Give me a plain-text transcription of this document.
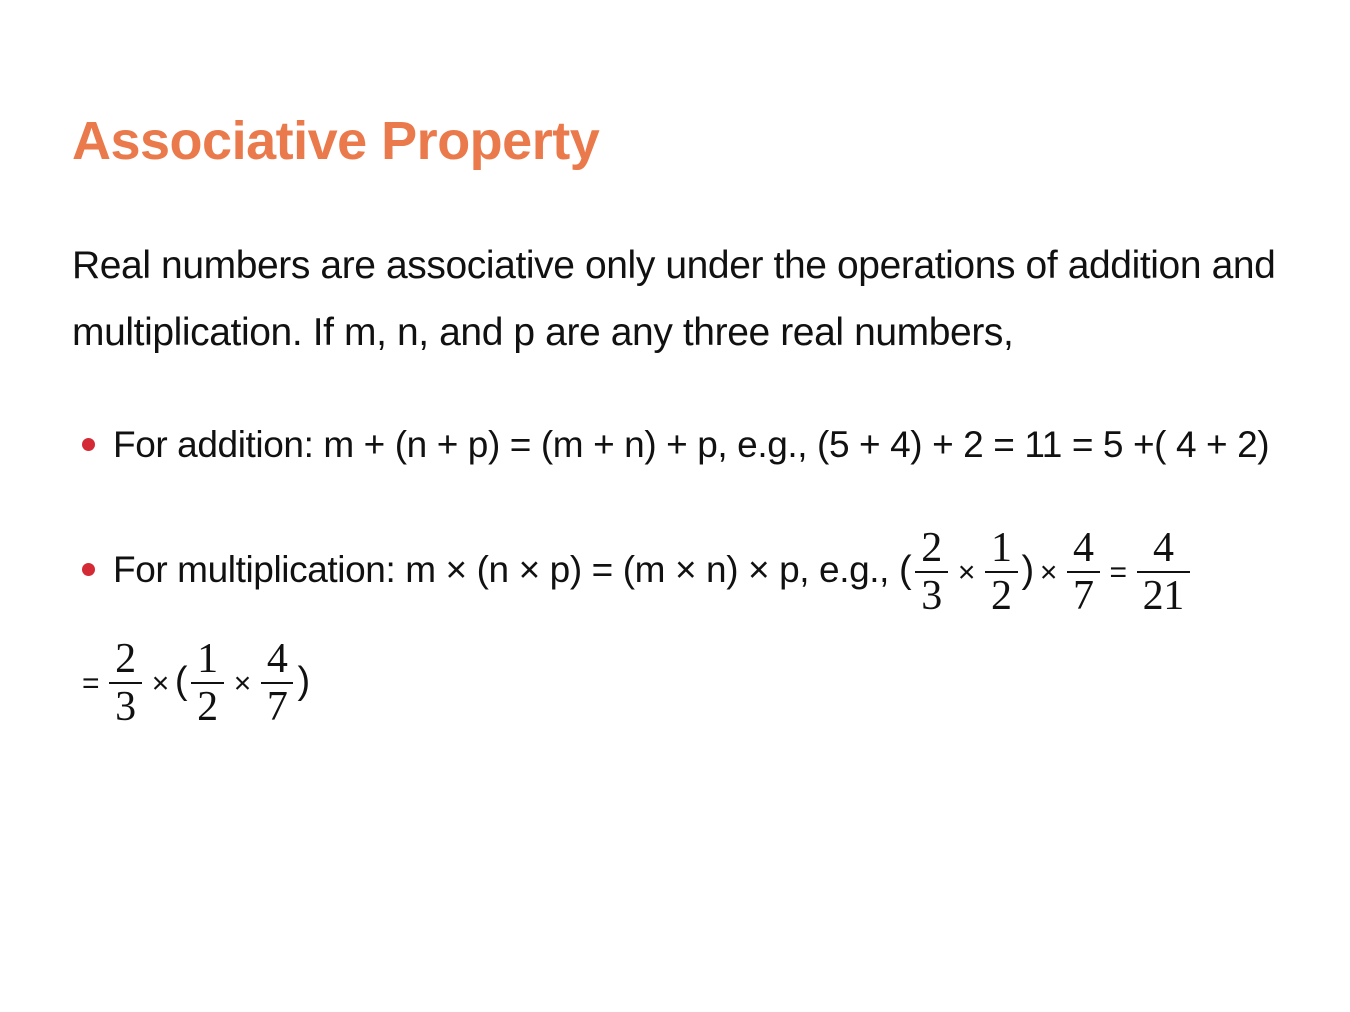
Associative Property

Real numbers are associative only under the operations of addition and multiplication. If m, n, and p are any three real numbers,

For addition: m + (n + p) = (m + n) + p, e.g., (5 + 4) + 2 = 11 = 5 +( 4 + 2)
For multiplication: m × (n × p) = (m × n) × p, e.g., ( $\frac{2}{3} \times \frac{1}{2}$ ) × $\frac{4}{7} = \frac{4}{21}$

= $\frac{2}{3}$ × ( $\frac{1}{2} \times \frac{4}{7}$ )
